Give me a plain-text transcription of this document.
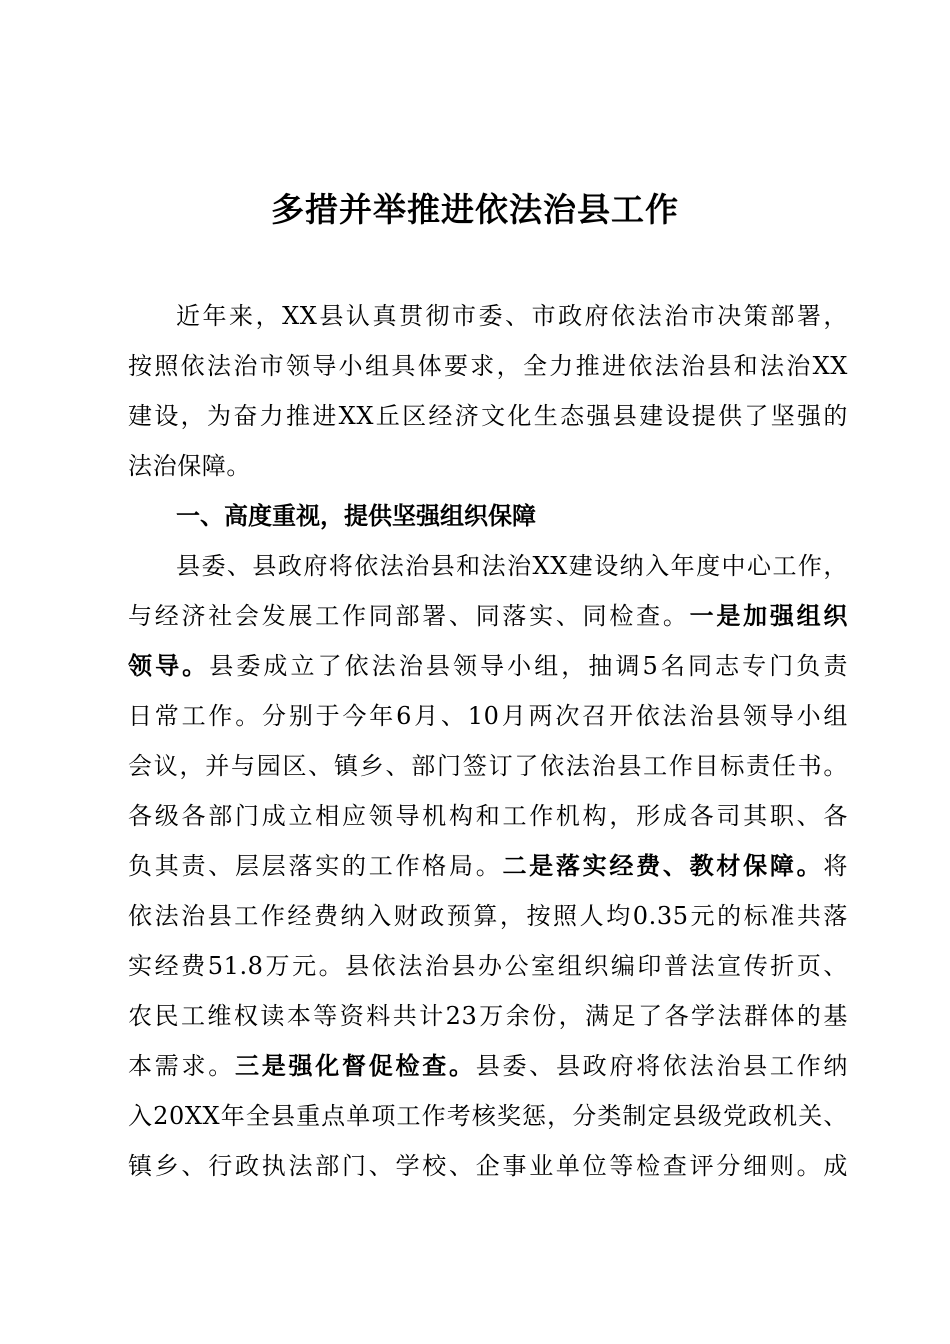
多措并举推进依法治县工作
近年来，XX县认真贯彻市委、市政府依法治市决策部署，
按照依法治市领导小组具体要求，全力推进依法治县和法治XX
建设，为奋力推进XX丘区经济文化生态强县建设提供了坚强的
法治保障。
一、高度重视，提供坚强组织保障
县委、县政府将依法治县和法治XX建设纳入年度中心工作，
与经济社会发展工作同部署、同落实、同检查。一是加强组织
领导。县委成立了依法治县领导小组，抽调5名同志专门负责
日常工作。分别于今年6月、10月两次召开依法治县领导小组
会议，并与园区、镇乡、部门签订了依法治县工作目标责任书。
各级各部门成立相应领导机构和工作机构，形成各司其职、各
负其责、层层落实的工作格局。二是落实经费、教材保障。将
依法治县工作经费纳入财政预算，按照人均0.35元的标准共落
实经费51.8万元。县依法治县办公室组织编印普法宣传折页、
农民工维权读本等资料共计23万余份，满足了各学法群体的基
本需求。三是强化督促检查。县委、县政府将依法治县工作纳
入20XX年全县重点单项工作考核奖惩，分类制定县级党政机关、
镇乡、行政执法部门、学校、企事业单位等检查评分细则。成
